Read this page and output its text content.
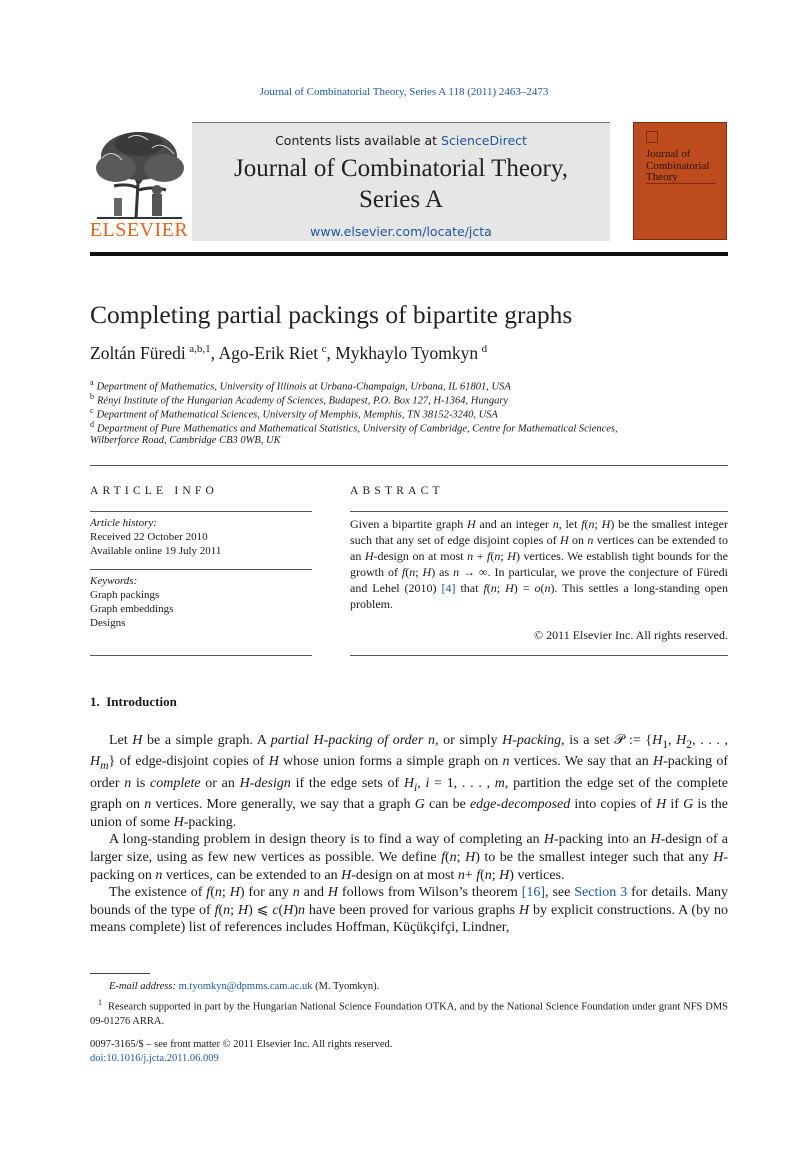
Journal of Combinatorial Theory, Series A 118 (2011) 2463–2473
ELSEVIER
Contents lists available at ScienceDirect
Journal of Combinatorial Theory,
Series A
www.elsevier.com/locate/jcta
Journal of Combinatorial Theory
Completing partial packings of bipartite graphs
Zoltán Füredi  $^{a,b,1}$, Ago-Erik Riet  $^c$, Mykhaylo Tyomkyn  $^d$
$^a$ Department of Mathematics, University of Illinois at Urbana-Champaign, Urbana, IL 61801, USA
$^b$ Rényi Institute of the Hungarian Academy of Sciences, Budapest, P.O. Box 127, H-1364, Hungary
$^c$ Department of Mathematical Sciences, University of Memphis, Memphis, TN 38152-3240, USA
$^d$ Department of Pure Mathematics and Mathematical Statistics, University of Cambridge, Centre for Mathematical Sciences,
Wilberforce Road, Cambridge CB3 0WB, UK
ARTICLE INFO	ABSTRACT
Article history:
Received 22 October 2010
Available online 19 July 2011
Keywords:
Graph packings
Graph embeddings
Designs
Given a bipartite graph H and an integer n, let f(n; H) be the smallest integer such that any set of edge disjoint copies of H on n vertices can be extended to an H-design on at most n + f(n; H) vertices. We establish tight bounds for the growth of f(n; H) as n → ∞. In particular, we prove the conjecture of Füredi and Lehel (2010) [4] that f(n; H) = o(n). This settles a long-standing open problem.
© 2011 Elsevier Inc. All rights reserved.
1. Introduction

Let H be a simple graph. A partial H-packing of order n, or simply H-packing, is a set 𝒫 := {$H_1$, $H_2$, . . . , $H_m$} of edge-disjoint copies of H whose union forms a simple graph on n vertices. We say that an H-packing of order n is complete or an H-design if the edge sets of $H_i$, i = 1, . . . , m, partition the edge set of the complete graph on n vertices. More generally, we say that a graph G can be edge-decomposed into copies of H if G is the union of some H-packing.

A long-standing problem in design theory is to find a way of completing an H-packing into an H-design of a larger size, using as few new vertices as possible. We define f(n; H) to be the smallest integer such that any H-packing on n vertices, can be extended to an H-design on at most n+ f(n; H) vertices.

The existence of f(n; H) for any n and H follows from Wilson’s theorem [16], see Section 3 for details. Many bounds of the type of f(n; H) ⩽ c(H)n have been proved for various graphs H by explicit constructions. A (by no means complete) list of references includes Hoffman, Küçükçifçi, Lindner,

E-mail address: m.tyomkyn@dpmms.cam.ac.uk (M. Tyomkyn).
$^1$ Research supported in part by the Hungarian National Science Foundation OTKA, and by the National Science Foundation under grant NFS DMS 09-01276 ARRA.
0097-3165/$ – see front matter © 2011 Elsevier Inc. All rights reserved.
doi:10.1016/j.jcta.2011.06.009
